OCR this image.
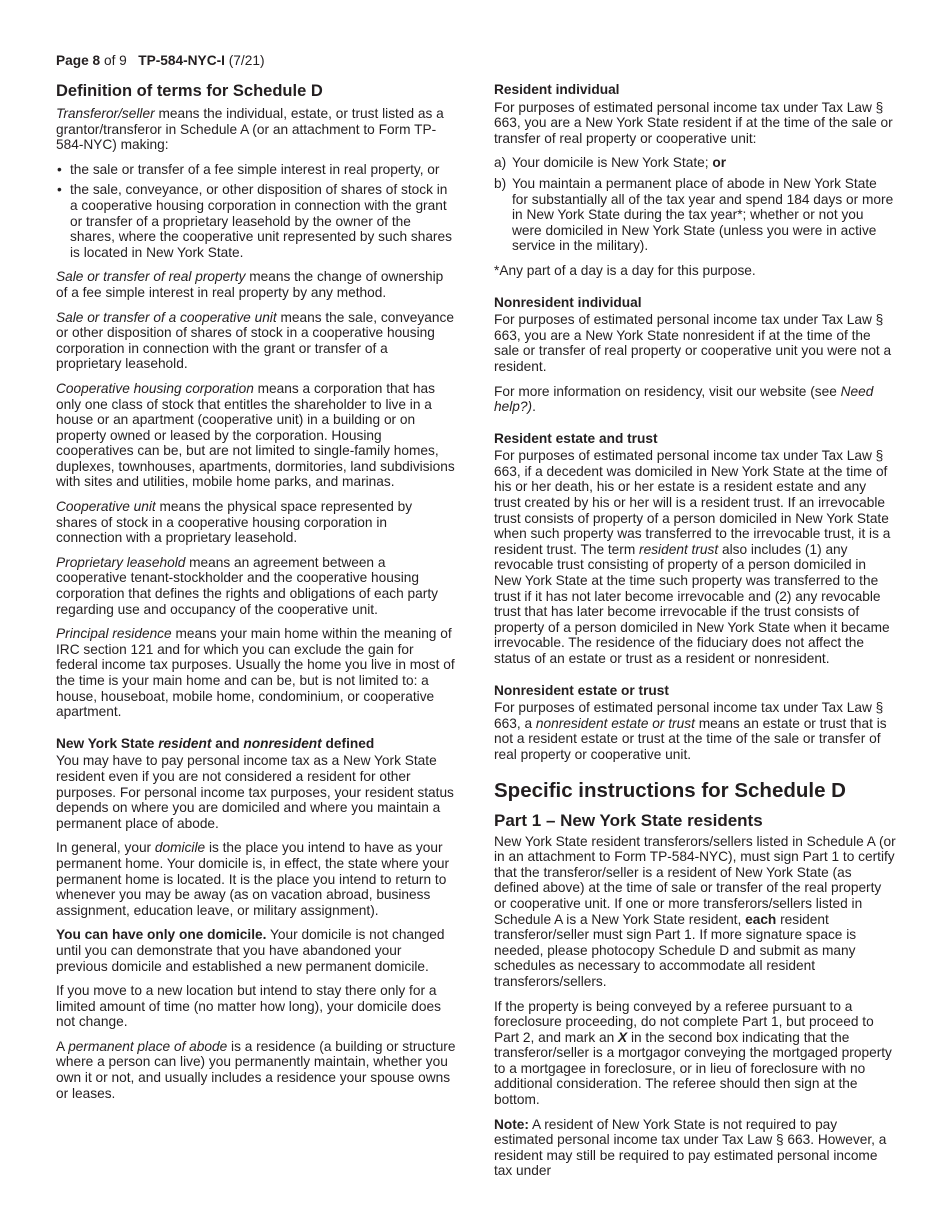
Page 8 of 9 TP-584-NYC-I (7/21)
Definition of terms for Schedule D

Transferor/seller means the individual, estate, or trust listed as a grantor/transferor in Schedule A (or an attachment to Form TP-584-NYC) making:

• the sale or transfer of a fee simple interest in real property, or
• the sale, conveyance, or other disposition of shares of stock in a cooperative housing corporation in connection with the grant or transfer of a proprietary leasehold by the owner of the shares, where the cooperative unit represented by such shares is located in New York State.

Sale or transfer of real property means the change of ownership of a fee simple interest in real property by any method.

Sale or transfer of a cooperative unit means the sale, conveyance or other disposition of shares of stock in a cooperative housing corporation in connection with the grant or transfer of a proprietary leasehold.

Cooperative housing corporation means a corporation that has only one class of stock that entitles the shareholder to live in a house or an apartment (cooperative unit) in a building or on property owned or leased by the corporation. Housing cooperatives can be, but are not limited to single-family homes, duplexes, townhouses, apartments, dormitories, land subdivisions with sites and utilities, mobile home parks, and marinas.

Cooperative unit means the physical space represented by shares of stock in a cooperative housing corporation in connection with a proprietary leasehold.

Proprietary leasehold means an agreement between a cooperative tenant-stockholder and the cooperative housing corporation that defines the rights and obligations of each party regarding use and occupancy of the cooperative unit.

Principal residence means your main home within the meaning of IRC section 121 and for which you can exclude the gain for federal income tax purposes. Usually the home you live in most of the time is your main home and can be, but is not limited to: a house, houseboat, mobile home, condominium, or cooperative apartment.

New York State resident and nonresident defined

You may have to pay personal income tax as a New York State resident even if you are not considered a resident for other purposes. For personal income tax purposes, your resident status depends on where you are domiciled and where you maintain a permanent place of abode.

In general, your domicile is the place you intend to have as your permanent home. Your domicile is, in effect, the state where your permanent home is located. It is the place you intend to return to whenever you may be away (as on vacation abroad, business assignment, education leave, or military assignment).

You can have only one domicile. Your domicile is not changed until you can demonstrate that you have abandoned your previous domicile and established a new permanent domicile.

If you move to a new location but intend to stay there only for a limited amount of time (no matter how long), your domicile does not change.

A permanent place of abode is a residence (a building or structure where a person can live) you permanently maintain, whether you own it or not, and usually includes a residence your spouse owns or leases.

Resident individual

For purposes of estimated personal income tax under Tax Law § 663, you are a New York State resident if at the time of the sale or transfer of real property or cooperative unit:

a) Your domicile is New York State; or
b) You maintain a permanent place of abode in New York State for substantially all of the tax year and spend 184 days or more in New York State during the tax year*; whether or not you were domiciled in New York State (unless you were in active service in the military).

*Any part of a day is a day for this purpose.

Nonresident individual

For purposes of estimated personal income tax under Tax Law § 663, you are a New York State nonresident if at the time of the sale or transfer of real property or cooperative unit you were not a resident.

For more information on residency, visit our website (see Need help?).

Resident estate and trust

For purposes of estimated personal income tax under Tax Law § 663, if a decedent was domiciled in New York State at the time of his or her death, his or her estate is a resident estate and any trust created by his or her will is a resident trust. If an irrevocable trust consists of property of a person domiciled in New York State when such property was transferred to the irrevocable trust, it is a resident trust. The term resident trust also includes (1) any revocable trust consisting of property of a person domiciled in New York State at the time such property was transferred to the trust if it has not later become irrevocable and (2) any revocable trust that has later become irrevocable if the trust consists of property of a person domiciled in New York State when it became irrevocable. The residence of the fiduciary does not affect the status of an estate or trust as a resident or nonresident.

Nonresident estate or trust

For purposes of estimated personal income tax under Tax Law § 663, a nonresident estate or trust means an estate or trust that is not a resident estate or trust at the time of the sale or transfer of real property or cooperative unit.

Specific instructions for Schedule D
Part 1 – New York State residents

New York State resident transferors/sellers listed in Schedule A (or in an attachment to Form TP-584-NYC), must sign Part 1 to certify that the transferor/seller is a resident of New York State (as defined above) at the time of sale or transfer of the real property or cooperative unit. If one or more transferors/sellers listed in Schedule A is a New York State resident, each resident transferor/seller must sign Part 1. If more signature space is needed, please photocopy Schedule D and submit as many schedules as necessary to accommodate all resident transferors/sellers.

If the property is being conveyed by a referee pursuant to a foreclosure proceeding, do not complete Part 1, but proceed to Part 2, and mark an X in the second box indicating that the transferor/seller is a mortgagor conveying the mortgaged property to a mortgagee in foreclosure, or in lieu of foreclosure with no additional consideration. The referee should then sign at the bottom.

Note: A resident of New York State is not required to pay estimated personal income tax under Tax Law § 663. However, a resident may still be required to pay estimated personal income tax under
